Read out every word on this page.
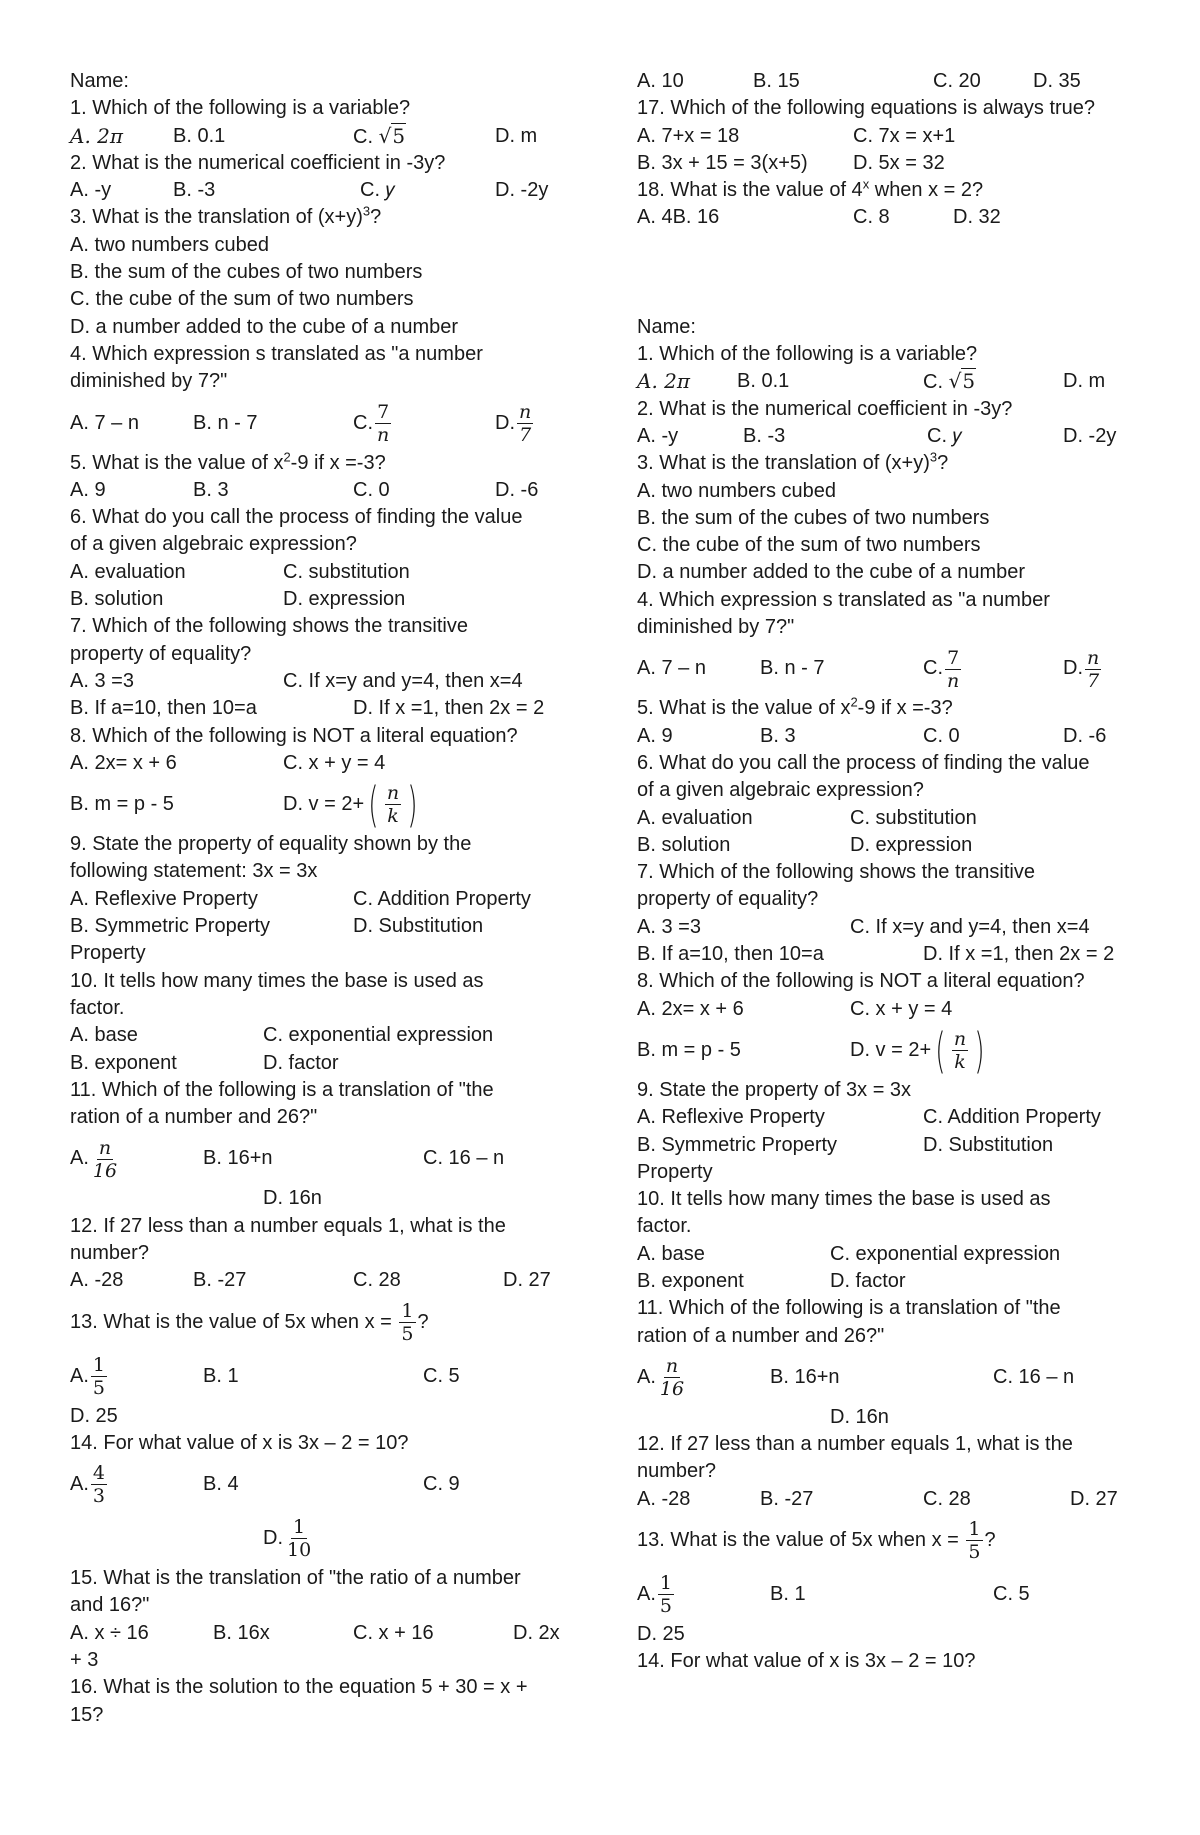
Name:
1. Which of the following is a variable?
A. 2𝜋 B. 0.1	C. √5	D. m
2. What is the numerical coefficient in -3y?
A. -y	B. -3	C. 𝑦	D. -2y
3. What is the translation of $(x+y)^3$?
A. two numbers cubed
B. the sum of the cubes of two numbers
C. the cube of the sum of two numbers
D. a number added to the cube of a number
4. Which expression s translated as "a number
diminished by 7?"
A. 7 – n	B. n - 7	C. $\frac{7}{\text{𝑛}}$	D. $\frac{\text{𝑛}}{7}$
5. What is the value of $x^2-9$ if x =-3?
A. 9	B. 3	C. 0	D. -6
6. What do you call the process of finding the value
of a given algebraic expression?
A. evaluation	C. substitution
B. solution	D. expression
7. Which of the following shows the transitive
property of equality?
A. 3 =3	C. If x=y and y=4, then x=4
B. If a=10, then 10=a	D. If x =1, then 2x = 2
8. Which of the following is NOT a literal equation?
A. 2x= x + 6	C. x + y = 4
B. m = p - 5	D. v = 2+ ( $\frac{\text{𝑛}}{\text{𝑘}}$ )
9. State the property of equality shown by the
following statement: 3x = 3x
A. Reflexive Property	C. Addition Property
B. Symmetric Property	D. Substitution
Property
10. It tells how many times the base is used as
factor.
A. base	C. exponential expression
B. exponent	D. factor
11. Which of the following is a translation of "the
ration of a number and 26?"
A. $\frac{\text{𝑛}}{16}$	B. 16+n	C. 16 – n
D. 16n
12. If 27 less than a number equals 1, what is the
number?
A. -28	B. -27	C. 28	D. 27
13. What is the value of 5x when $x = \frac{1}{5}$ ?
A. $\frac{1}{5}$	B. 1	C. 5
D. 25
14. For what value of x is 3x – 2 = 10?
A. $\frac{4}{3}$	B. 4	C. 9
D. $\frac{1}{10}$
15. What is the translation of "the ratio of a number
and 16?"
A. x ÷ 16	B. 16x	C. x + 16	D. 2x
+ 3
16. What is the solution to the equation 5 + 30 = x +
15?
A. 10	B. 15	C. 20	D. 35
17. Which of the following equations is always true?
A. 7+x = 18	C. 7x = x+1
B. 3x + 15 = 3(x+5) D. 5x = 32
18. What is the value of 4$^x$ when x = 2?
A. 4B. 16	C. 8	D. 32
Name:
1. Which of the following is a variable?
A. 2𝜋 B. 0.1	C. √5	D. m
2. What is the numerical coefficient in -3y?
A. -y	B. -3	C. 𝑦	D. -2y
3. What is the translation of $(x+y)^3$?
A. two numbers cubed
B. the sum of the cubes of two numbers
C. the cube of the sum of two numbers
D. a number added to the cube of a number
4. Which expression s translated as "a number
diminished by 7?"
A. 7 – n	B. n - 7	C. $\frac{7}{\text{𝑛}}$	D. $\frac{\text{𝑛}}{7}$
5. What is the value of $x^2-9$ if x =-3?
A. 9	B. 3	C. 0	D. -6
6. What do you call the process of finding the value
of a given algebraic expression?
A. evaluation	C. substitution
B. solution	D. expression
7. Which of the following shows the transitive
property of equality?
A. 3 =3	C. If x=y and y=4, then x=4
B. If a=10, then 10=a	D. If x =1, then 2x = 2
8. Which of the following is NOT a literal equation?
A. 2x= x + 6	C. x + y = 4
B. m = p - 5	D. v = 2+ ( $\frac{\text{𝑛}}{\text{𝑘}}$ )
9. State the property of 3x = 3x
A. Reflexive Property	C. Addition Property
B. Symmetric Property	D. Substitution
Property
10. It tells how many times the base is used as
factor.
A. base	C. exponential expression
B. exponent	D. factor
11. Which of the following is a translation of "the
ration of a number and 26?"
A. $\frac{\text{𝑛}}{16}$	B. 16+n	C. 16 – n
D. 16n
12. If 27 less than a number equals 1, what is the
number?
A. -28	B. -27	C. 28	D. 27
13. What is the value of 5x when $x = \frac{1}{5}$ ?
A. $\frac{1}{5}$	B. 1	C. 5
D. 25
14. For what value of x is 3x – 2 = 10?
